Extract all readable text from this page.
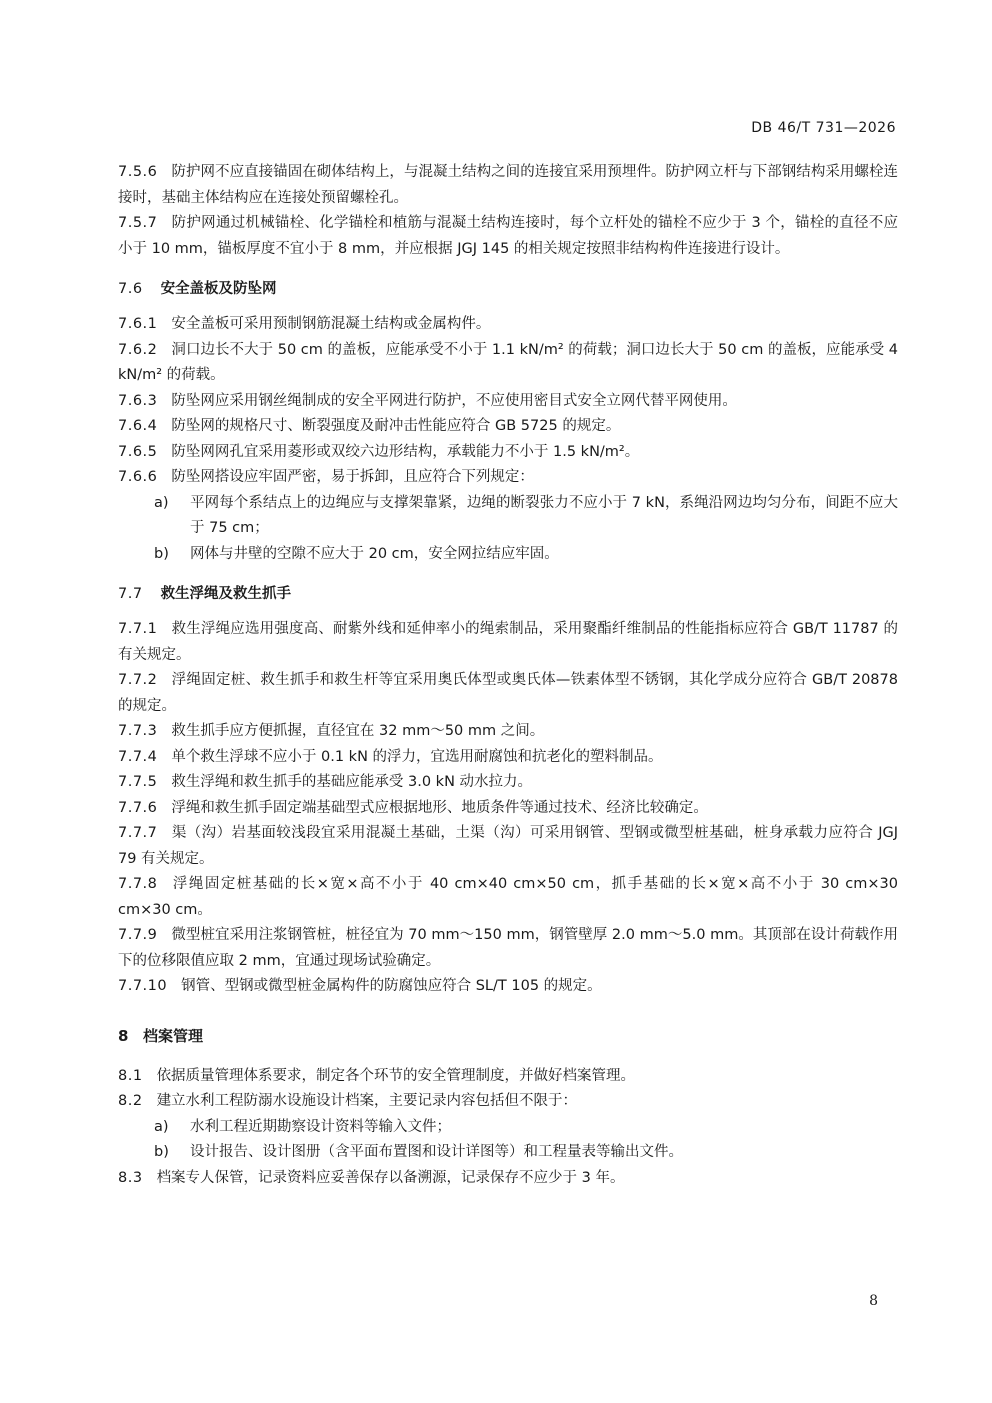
DB 46/T 731—2026
7.5.6 防护网不应直接锚固在砌体结构上，与混凝土结构之间的连接宜采用预埋件。防护网立杆与下部钢结构采用螺栓连接时，基础主体结构应在连接处预留螺栓孔。
7.5.7 防护网通过机械锚栓、化学锚栓和植筋与混凝土结构连接时，每个立杆处的锚栓不应少于 3 个，锚栓的直径不应小于 10 mm，锚板厚度不宜小于 8 mm，并应根据 JGJ 145 的相关规定按照非结构构件连接进行设计。
7.6 安全盖板及防坠网
7.6.1 安全盖板可采用预制钢筋混凝土结构或金属构件。
7.6.2 洞口边长不大于 50 cm 的盖板，应能承受不小于 1.1 kN/m² 的荷载；洞口边长大于 50 cm 的盖板，应能承受 4 kN/m² 的荷载。
7.6.3 防坠网应采用钢丝绳制成的安全平网进行防护，不应使用密目式安全立网代替平网使用。
7.6.4 防坠网的规格尺寸、断裂强度及耐冲击性能应符合 GB 5725 的规定。
7.6.5 防坠网网孔宜采用菱形或双绞六边形结构，承载能力不小于 1.5 kN/m²。
7.6.6 防坠网搭设应牢固严密，易于拆卸，且应符合下列规定：
a) 平网每个系结点上的边绳应与支撑架靠紧，边绳的断裂张力不应小于 7 kN，系绳沿网边均匀分布，间距不应大于 75 cm；
b) 网体与井壁的空隙不应大于 20 cm，安全网拉结应牢固。
7.7 救生浮绳及救生抓手
7.7.1 救生浮绳应选用强度高、耐紫外线和延伸率小的绳索制品，采用聚酯纤维制品的性能指标应符合 GB/T 11787 的有关规定。
7.7.2 浮绳固定桩、救生抓手和救生杆等宜采用奥氏体型或奥氏体—铁素体型不锈钢，其化学成分应符合 GB/T 20878 的规定。
7.7.3 救生抓手应方便抓握，直径宜在 32 mm～50 mm 之间。
7.7.4 单个救生浮球不应小于 0.1 kN 的浮力，宜选用耐腐蚀和抗老化的塑料制品。
7.7.5 救生浮绳和救生抓手的基础应能承受 3.0 kN 动水拉力。
7.7.6 浮绳和救生抓手固定端基础型式应根据地形、地质条件等通过技术、经济比较确定。
7.7.7 渠（沟）岩基面较浅段宜采用混凝土基础，土渠（沟）可采用钢管、型钢或微型桩基础，桩身承载力应符合 JGJ 79 有关规定。
7.7.8 浮绳固定桩基础的长×宽×高不小于 40 cm×40 cm×50 cm，抓手基础的长×宽×高不小于 30 cm×30 cm×30 cm。
7.7.9 微型桩宜采用注浆钢管桩，桩径宜为 70 mm～150 mm，钢管壁厚 2.0 mm～5.0 mm。其顶部在设计荷载作用下的位移限值应取 2 mm，宜通过现场试验确定。
7.7.10 钢管、型钢或微型桩金属构件的防腐蚀应符合 SL/T 105 的规定。
8 档案管理
8.1 依据质量管理体系要求，制定各个环节的安全管理制度，并做好档案管理。
8.2 建立水利工程防溺水设施设计档案，主要记录内容包括但不限于：
a) 水利工程近期勘察设计资料等输入文件；
b) 设计报告、设计图册（含平面布置图和设计详图等）和工程量表等输出文件。
8.3 档案专人保管，记录资料应妥善保存以备溯源，记录保存不应少于 3 年。
8
